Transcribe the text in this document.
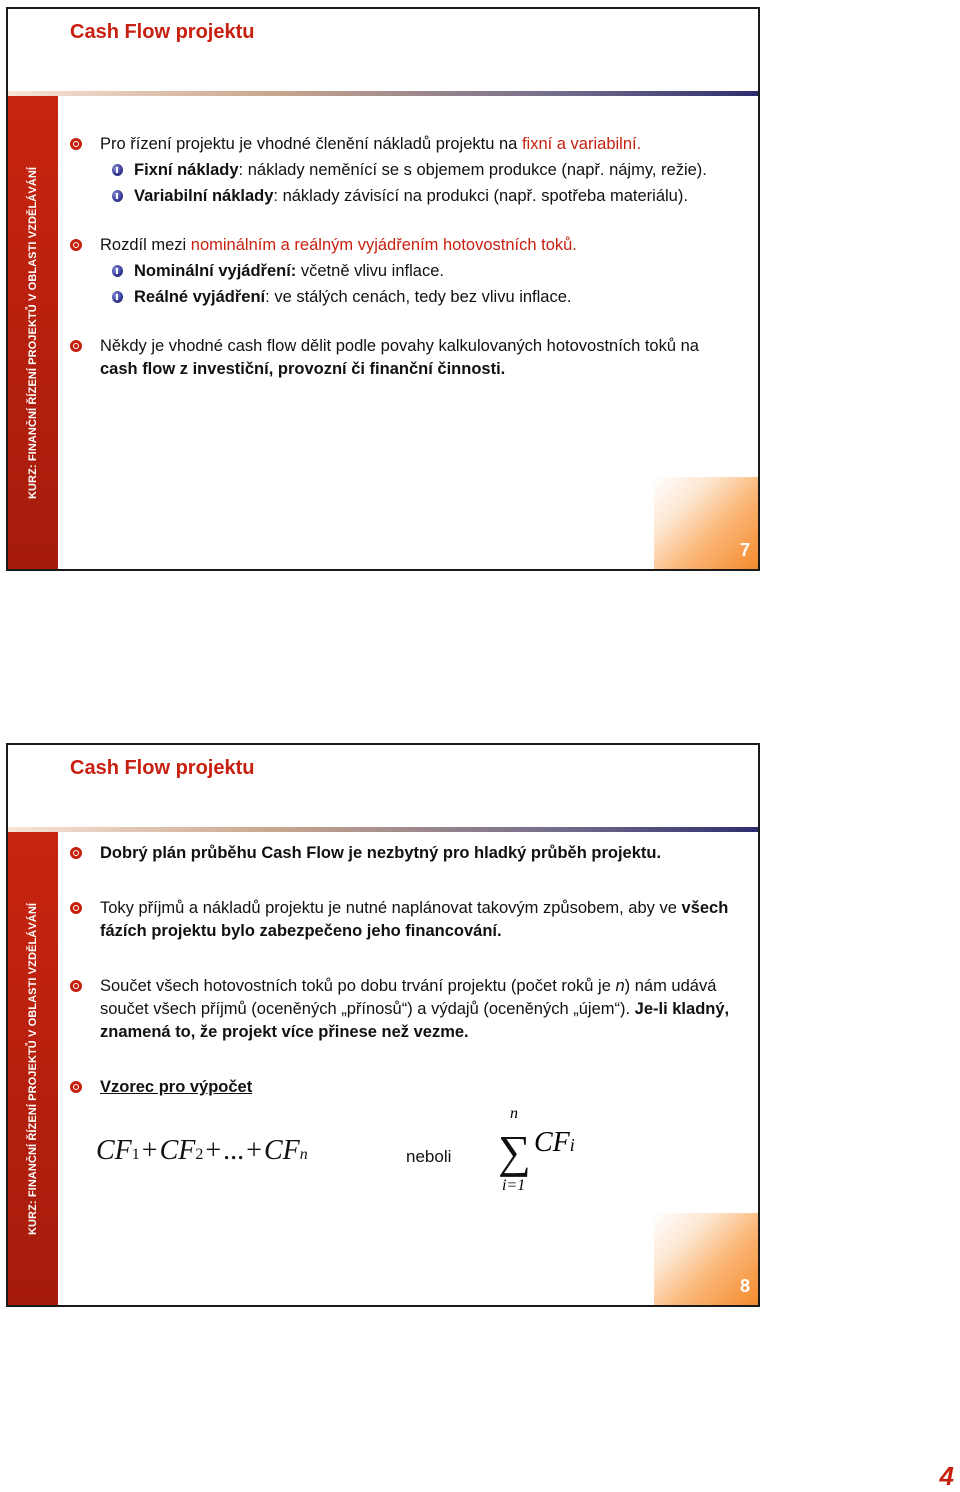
Cash Flow projektu
KURZ: FINANČNÍ ŘÍZENÍ PROJEKTŮ V OBLASTI VZDĚLÁVÁNÍ
Pro řízení projektu je vhodné členění nákladů projektu na fixní a variabilní.
Fixní náklady: náklady neměnící se s objemem produkce (např. nájmy, režie).
Variabilní náklady: náklady závisící na produkci (např. spotřeba materiálu).
Rozdíl mezi nominálním a reálným vyjádřením hotovostních toků.
Nominální vyjádření: včetně vlivu inflace.
Reálné vyjádření: ve stálých cenách, tedy bez vlivu inflace.
Někdy je vhodné cash flow dělit podle povahy kalkulovaných hotovostních toků na cash flow z investiční, provozní či finanční činnosti.
7
Cash Flow projektu
KURZ: FINANČNÍ ŘÍZENÍ PROJEKTŮ V OBLASTI VZDĚLÁVÁNÍ
Dobrý plán průběhu Cash Flow je nezbytný pro hladký průběh projektu.
Toky příjmů a nákladů projektu je nutné naplánovat takovým způsobem, aby ve všech fázích projektu bylo zabezpečeno jeho financování.
Součet všech hotovostních toků po dobu trvání projektu (počet roků je n) nám udává součet všech příjmů (oceněných „přínosů“) a výdajů (oceněných „újem“). Je-li kladný, znamená to, že projekt více přinese než vezme.
Vzorec pro výpočet
CF1+CF2+...+CFn	neboli
n
∑
i=1
CFi
8
4
